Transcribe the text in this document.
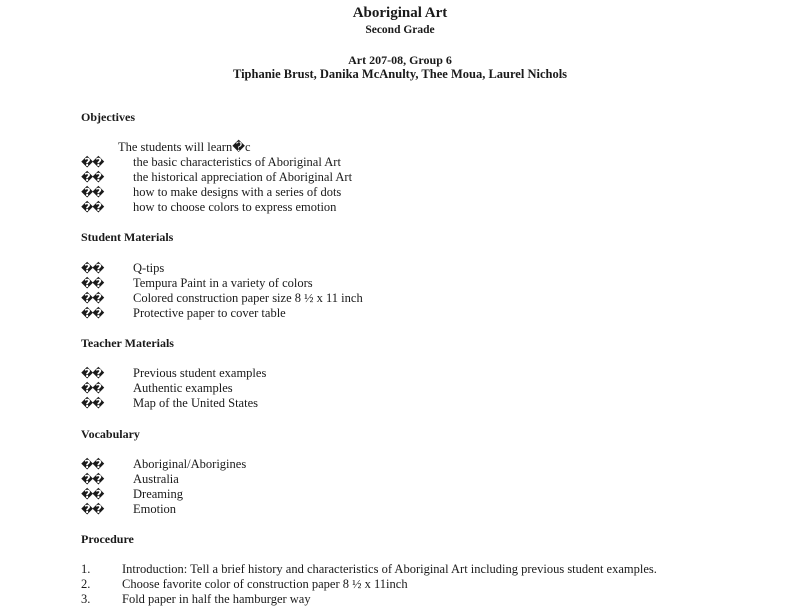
Aboriginal Art
Second Grade
Art 207-08, Group 6
Tiphanie Brust, Danika McAnulty, Thee Moua, Laurel Nichols
Objectives
The students will learn�c
�� the basic characteristics of Aboriginal Art
�� the historical appreciation of Aboriginal Art
�� how to make designs with a series of dots
�� how to choose colors to express emotion
Student Materials
�� Q-tips
�� Tempura Paint in a variety of colors
�� Colored construction paper size 8 ½ x 11 inch
�� Protective paper to cover table
Teacher Materials
�� Previous student examples
�� Authentic examples
�� Map of the United States
Vocabulary
�� Aboriginal/Aborigines
�� Australia
�� Dreaming
�� Emotion
Procedure
1.	Introduction: Tell a brief history and characteristics of Aboriginal Art including previous student examples.
2.	Choose favorite color of construction paper 8 ½ x 11inch
3.	Fold paper in half the hamburger way
